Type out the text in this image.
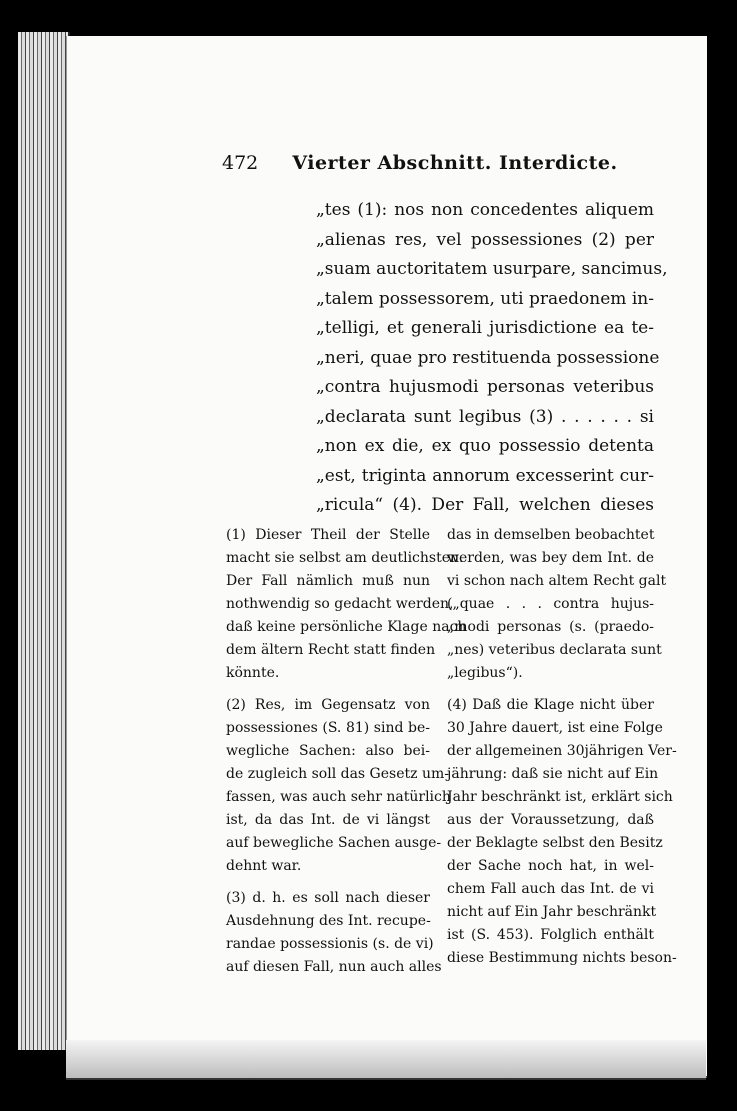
472 Vierter Abschnitt. Interdicte.
„tes (1): nos non concedentes aliquem
„alienas res, vel possessiones (2) per
„suam auctoritatem usurpare, sancimus,
„talem possessorem, uti praedonem in-
„telligi, et generali jurisdictione ea te-
„neri, quae pro restituenda possessione
„contra hujusmodi personas veteribus
„declarata sunt legibus (3) . . . . . . si
„non ex die, ex quo possessio detenta
„est, triginta annorum excesserint cur-
„ricula“ (4). Der Fall, welchen dieses
(1) Dieser Theil der Stelle
macht sie selbst am deutlichsten.
Der Fall nämlich muß nun
nothwendig so gedacht werden,
daß keine persönliche Klage nach
dem ältern Recht statt finden
könnte.
(2) Res, im Gegensatz von
possessiones (S. 81) sind be-
wegliche Sachen: also bei-
de zugleich soll das Gesetz um-
fassen, was auch sehr natürlich
ist, da das Int. de vi längst
auf bewegliche Sachen ausge-
dehnt war.
(3) d. h. es soll nach dieser
Ausdehnung des Int. recupe-
randae possessionis (s. de vi)
auf diesen Fall, nun auch alles
das in demselben beobachtet
werden, was bey dem Int. de
vi schon nach altem Recht galt
(„quae . . . contra hujus-
„modi personas (s. (praedo-
„nes) veteribus declarata sunt
„legibus“).
(4) Daß die Klage nicht über
30 Jahre dauert, ist eine Folge
der allgemeinen 30jährigen Ver-
jährung: daß sie nicht auf Ein
Jahr beschränkt ist, erklärt sich
aus der Voraussetzung, daß
der Beklagte selbst den Besitz
der Sache noch hat, in wel-
chem Fall auch das Int. de vi
nicht auf Ein Jahr beschränkt
ist (S. 453). Folglich enthält
diese Bestimmung nichts beson-
